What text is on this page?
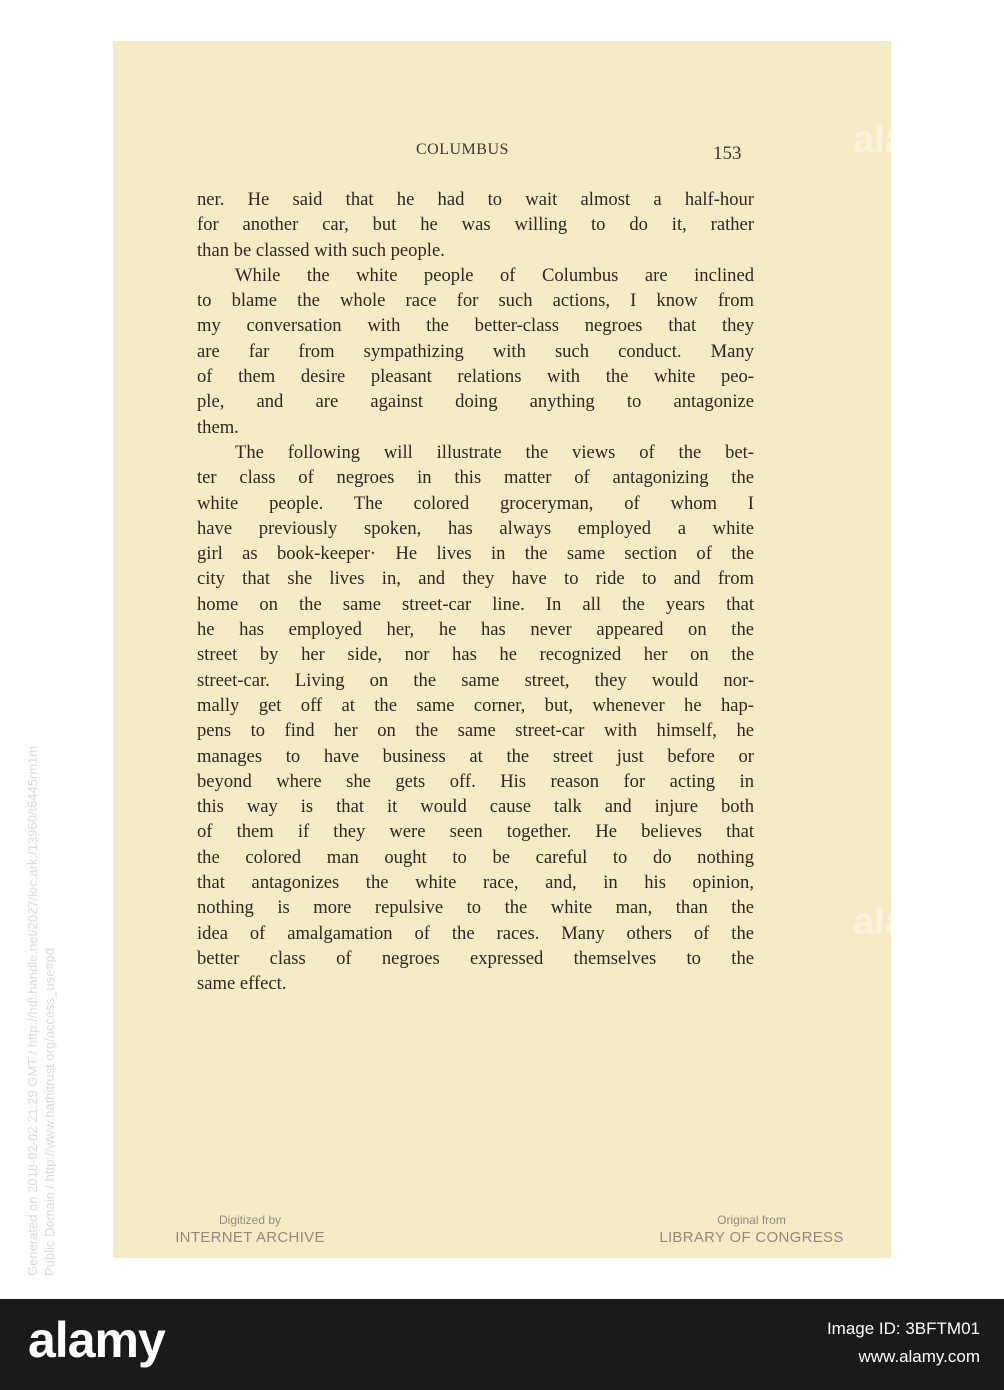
COLUMBUS	153
ner. He said that he had to wait almost a half-hour
for another car, but he was willing to do it, rather
than be classed with such people.
While the white people of Columbus are inclined
to blame the whole race for such actions, I know from
my conversation with the better-class negroes that they
are far from sympathizing with such conduct. Many
of them desire pleasant relations with the white peo-
ple, and are against doing anything to antagonize
them.
The following will illustrate the views of the bet-
ter class of negroes in this matter of antagonizing the
white people. The colored groceryman, of whom I
have previously spoken, has always employed a white
girl as book-keeper· He lives in the same section of the
city that she lives in, and they have to ride to and from
home on the same street-car line. In all the years that
he has employed her, he has never appeared on the
street by her side, nor has he recognized her on the
street-car. Living on the same street, they would nor-
mally get off at the same corner, but, whenever he hap-
pens to find her on the same street-car with himself, he
manages to have business at the street just before or
beyond where she gets off. His reason for acting in
this way is that it would cause talk and injure both
of them if they were seen together. He believes that
the colored man ought to be careful to do nothing
that antagonizes the white race, and, in his opinion,
nothing is more repulsive to the white man, than the
idea of amalgamation of the races. Many others of the
better class of negroes expressed themselves to the
same effect.
Digitized by
INTERNET ARCHIVE
Original from
LIBRARY OF CONGRESS
alamy
alamy
Generated on 2018-02-02 21:29 GMT / http://hdl.handle.net/2027/loc.ark:/13960/t6445rm1m Public Domain / http://www.hathitrust.org/access_use#pd
alamy	Image ID: 3BFTM01
www.alamy.com
